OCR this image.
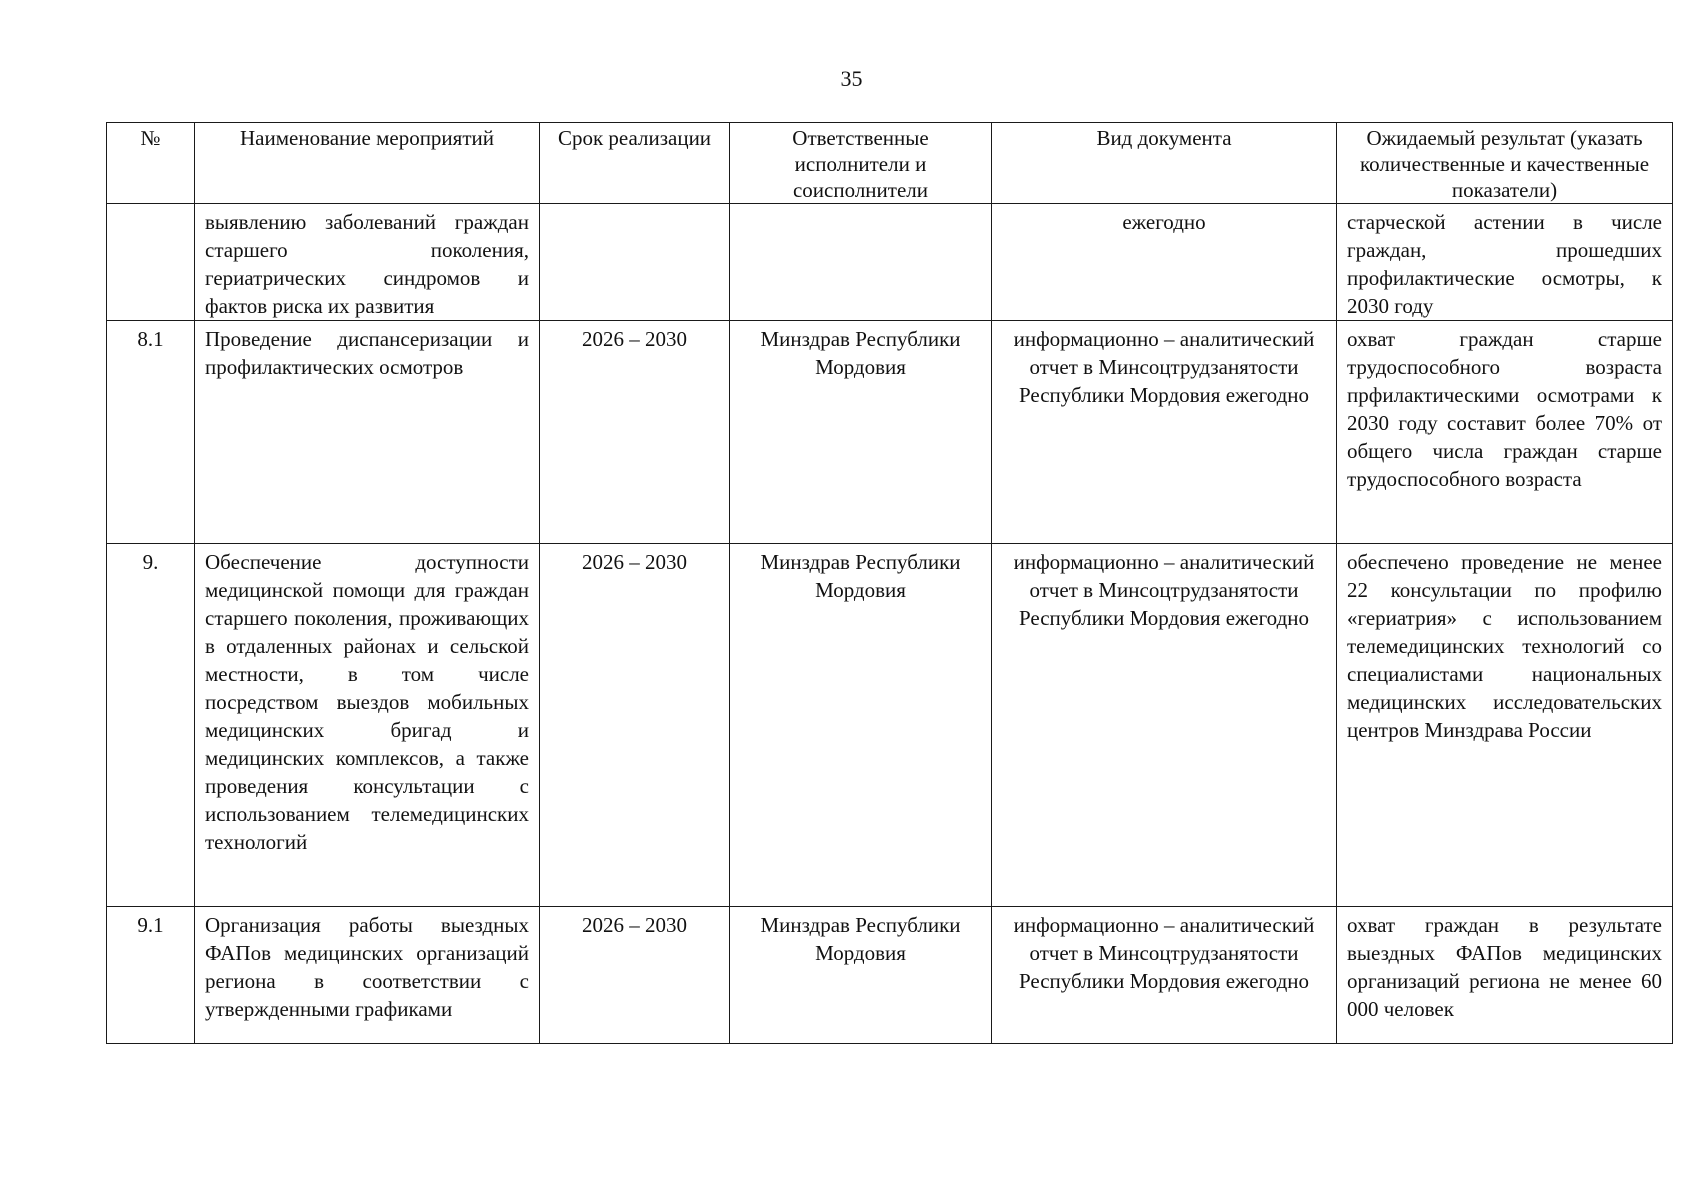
35
№	Наименование мероприятий	Срок реализации	Ответственные исполнители и соисполнители	Вид документа	Ожидаемый результат (указать количественные и качественные показатели)
	выявлению заболеваний граждан старшего поколения, гериатрических синдромов и фактов риска их развития			ежегодно	старческой астении в числе граждан, прошедших профилактические осмотры, к 2030 году
8.1	Проведение диспансеризации и профилактических осмотров	2026 – 2030	Минздрав Республики Мордовия	информационно – аналитический отчет в Минсоцтрудзанятости Республики Мордовия ежегодно	охват граждан старше трудоспособного возраста прфилактическими осмотрами к 2030 году составит более 70% от общего числа граждан старше трудоспособного возраста
9.	Обеспечение доступности медицинской помощи для граждан старшего поколения, проживающих в отдаленных районах и сельской местности, в том числе посредством выездов мобильных медицинских бригад и медицинских комплексов, а также проведения консультации с использованием телемедицинских технологий	2026 – 2030	Минздрав Республики Мордовия	информационно – аналитический отчет в Минсоцтрудзанятости Республики Мордовия ежегодно	обеспечено проведение не менее 22 консультации по профилю «гериатрия» с использованием телемедицинских технологий со специалистами национальных медицинских исследовательских центров Минздрава России
9.1	Организация работы выездных ФАПов медицинских организаций региона в соответствии с утвержденными графиками	2026 – 2030	Минздрав Республики Мордовия	информационно – аналитический отчет в Минсоцтрудзанятости Республики Мордовия ежегодно	охват граждан в результате выездных ФАПов медицинских организаций региона не менее 60 000 человек
